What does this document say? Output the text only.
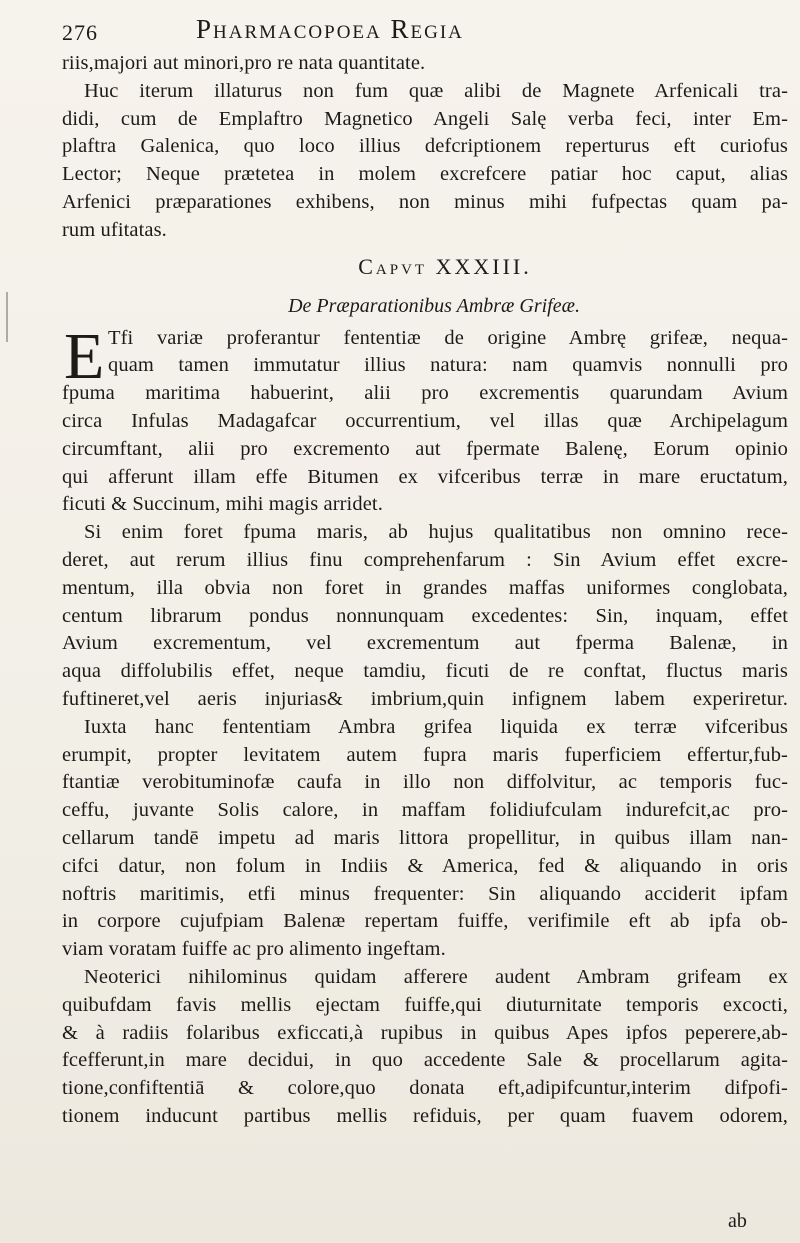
276	Pharmacopoea Regia
riis,majori aut minori,pro re nata quantitate.
Huc iterum illaturus non fum quæ alibi de Magnete Arfenicali tra-
didi, cum de Emplaftro Magnetico Angeli Salę verba feci, inter Em-
plaftra Galenica, quo loco illius defcriptionem reperturus eft curiofus
Lector; Neque prætetea in molem excrefcere patiar hoc caput, alias
Arfenici præparationes exhibens, non minus mihi fufpectas quam pa-
rum ufitatas.
Capvt XXXIII.
De Præparationibus Ambræ Grifeæ.
E Tfi variæ proferantur fententiæ de origine Ambrę grifeæ, nequa-
quam tamen immutatur illius natura: nam quamvis nonnulli pro
fpuma maritima habuerint, alii pro excrementis quarundam Avium
circa Infulas Madagafcar occurrentium, vel illas quæ Archipelagum
circumftant, alii pro excremento aut fpermate Balenę, Eorum opinio
qui afferunt illam effe Bitumen ex vifceribus terræ in mare eructatum,
ficuti & Succinum, mihi magis arridet.
Si enim foret fpuma maris, ab hujus qualitatibus non omnino rece-
deret, aut rerum illius finu comprehenfarum : Sin Avium effet excre-
mentum, illa obvia non foret in grandes maffas uniformes conglobata,
centum librarum pondus nonnunquam excedentes: Sin, inquam, effet
Avium excrementum, vel excrementum aut fperma Balenæ, in
aqua diffolubilis effet, neque tamdiu, ficuti de re conftat, fluctus maris
fuftineret,vel aeris injurias& imbrium,quin infignem labem experiretur.
Iuxta hanc fententiam Ambra grifea liquida ex terræ vifceribus
erumpit, propter levitatem autem fupra maris fuperficiem effertur,fub-
ftantiæ verobituminofæ caufa in illo non diffolvitur, ac temporis fuc-
ceffu, juvante Solis calore, in maffam folidiufculam indurefcit,ac pro-
cellarum tandē impetu ad maris littora propellitur, in quibus illam nan-
cifci datur, non folum in Indiis & America, fed & aliquando in oris
noftris maritimis, etfi minus frequenter: Sin aliquando acciderit ipfam
in corpore cujufpiam Balenæ repertam fuiffe, verifimile eft ab ipfa ob-
viam voratam fuiffe ac pro alimento ingeftam.
Neoterici nihilominus quidam afferere audent Ambram grifeam ex
quibufdam favis mellis ejectam fuiffe,qui diuturnitate temporis excocti,
& à radiis folaribus exficcati,à rupibus in quibus Apes ipfos peperere,ab-
fcefferunt,in mare decidui, in quo accedente Sale & procellarum agita-
tione,confiftentiā & colore,quo donata eft,adipifcuntur,interim difpofi-
tionem inducunt partibus mellis refiduis, per quam fuavem odorem,
ab
